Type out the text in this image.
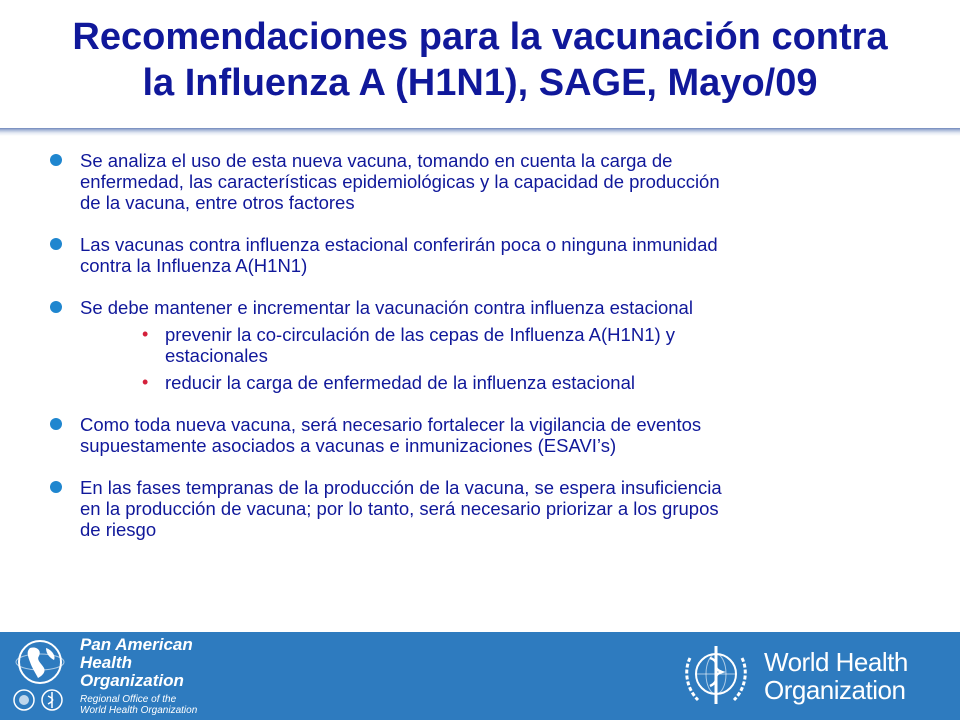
Recomendaciones para la vacunación contra
la Influenza A (H1N1), SAGE, Mayo/09
Se analiza el uso de esta nueva vacuna, tomando en cuenta la carga de
enfermedad, las características epidemiológicas y la capacidad de producción
de la vacuna, entre otros factores
Las vacunas contra influenza estacional conferirán poca o ninguna inmunidad
contra la Influenza A(H1N1)
Se debe mantener e incrementar la vacunación contra influenza estacional
• prevenir la co-circulación de las cepas de Influenza A(H1N1) y
estacionales
• reducir la carga de enfermedad de la influenza estacional
Como toda nueva vacuna, será necesario fortalecer la vigilancia de eventos
supuestamente asociados a vacunas e inmunizaciones (ESAVI’s)
En las fases tempranas de la producción de la vacuna, se espera insuficiencia
en la producción de vacuna; por lo tanto, será necesario priorizar a los grupos
de riesgo
Pan American
Health
Organization
Regional Office of the
World Health Organization
World Health
Organization
